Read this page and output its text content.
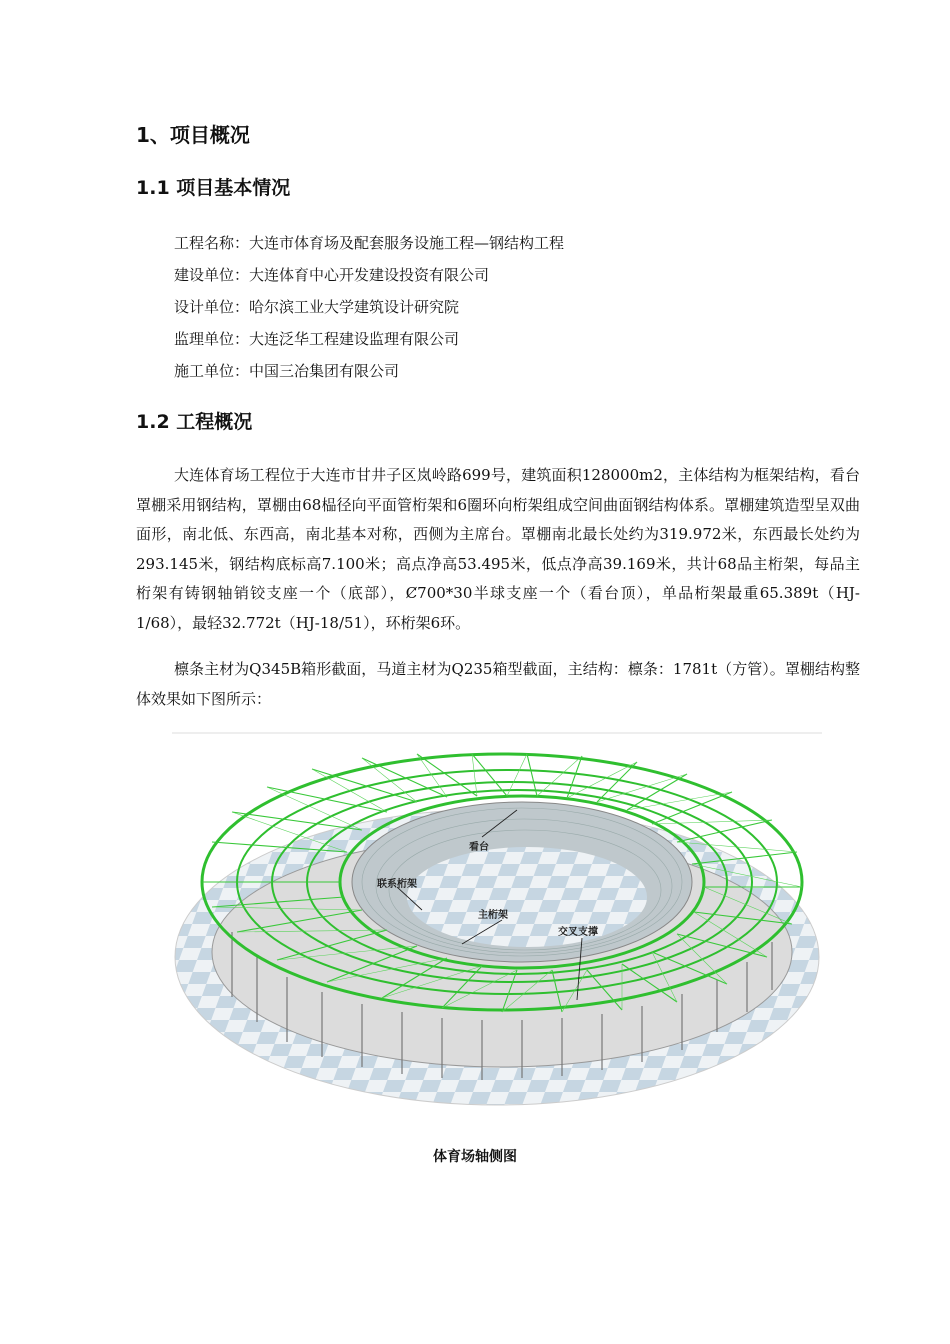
1、项目概况
1.1 项目基本情况
工程名称：大连市体育场及配套服务设施工程—钢结构工程
建设单位：大连体育中心开发建设投资有限公司
设计单位：哈尔滨工业大学建筑设计研究院
监理单位：大连泛华工程建设监理有限公司
施工单位：中国三冶集团有限公司
1.2 工程概况

大连体育场工程位于大连市甘井子区岚岭路699号，建筑面积128000m2，主体结构为框架结构，看台罩棚采用钢结构，罩棚由68榀径向平面管桁架和6圈环向桁架组成空间曲面钢结构体系。罩棚建筑造型呈双曲面形，南北低、东西高，南北基本对称，西侧为主席台。罩棚南北最长处约为319.972米，东西最长处约为293.145米，钢结构底标高7.100米；高点净高53.495米，低点净高39.169米，共计68品主桁架，每品主桁架有铸钢轴销铰支座一个（底部），Ȼ700*30半球支座一个（看台顶），单品桁架最重65.389t（HJ-1/68），最轻32.772t（HJ-18/51），环桁架6环。

檩条主材为Q345B箱形截面，马道主材为Q235箱型截面，主结构：檩条：1781t（方管）。罩棚结构整体效果如下图所示：

看台
联系桁架
主桁架
交叉支撑
体育场轴侧图
